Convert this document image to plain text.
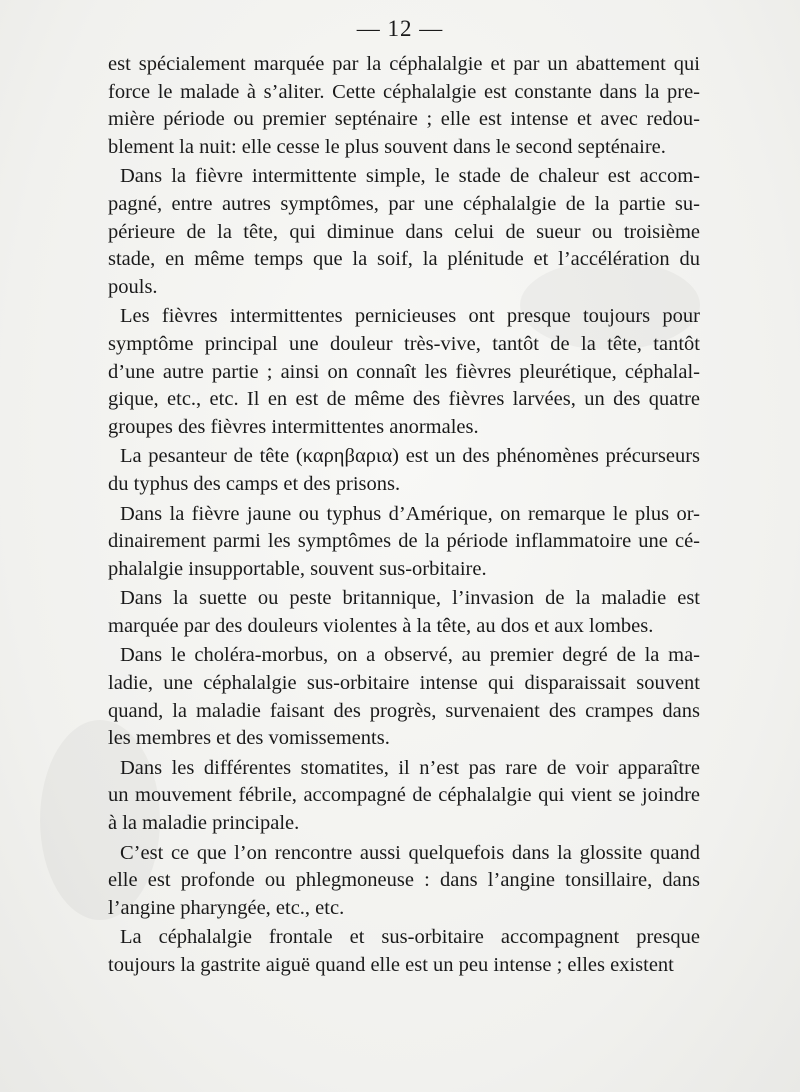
— 12 —
est spécialement marquée par la céphalalgie et par un abattement qui
force le malade à s’aliter. Cette céphalalgie est constante dans la pre-
mière période ou premier septénaire ; elle est intense et avec redou-
blement la nuit: elle cesse le plus souvent dans le second septénaire.
Dans la fièvre intermittente simple, le stade de chaleur est accom-
pagné, entre autres symptômes, par une céphalalgie de la partie su-
périeure de la tête, qui diminue dans celui de sueur ou troisième
stade, en même temps que la soif, la plénitude et l’accélération du
pouls.
Les fièvres intermittentes pernicieuses ont presque toujours pour
symptôme principal une douleur très-vive, tantôt de la tête, tantôt
d’une autre partie ; ainsi on connaît les fièvres pleurétique, céphalal-
gique, etc., etc. Il en est de même des fièvres larvées, un des quatre
groupes des fièvres intermittentes anormales.
La pesanteur de tête (καρηβαρια) est un des phénomènes précurseurs
du typhus des camps et des prisons.
Dans la fièvre jaune ou typhus d’Amérique, on remarque le plus or-
dinairement parmi les symptômes de la période inflammatoire une cé-
phalalgie insupportable, souvent sus-orbitaire.
Dans la suette ou peste britannique, l’invasion de la maladie est
marquée par des douleurs violentes à la tête, au dos et aux lombes.
Dans le choléra-morbus, on a observé, au premier degré de la ma-
ladie, une céphalalgie sus-orbitaire intense qui disparaissait souvent
quand, la maladie faisant des progrès, survenaient des crampes dans
les membres et des vomissements.
Dans les différentes stomatites, il n’est pas rare de voir apparaître
un mouvement fébrile, accompagné de céphalalgie qui vient se joindre
à la maladie principale.
C’est ce que l’on rencontre aussi quelquefois dans la glossite quand
elle est profonde ou phlegmoneuse : dans l’angine tonsillaire, dans
l’angine pharyngée, etc., etc.
La céphalalgie frontale et sus-orbitaire accompagnent presque
toujours la gastrite aiguë quand elle est un peu intense ; elles existent
